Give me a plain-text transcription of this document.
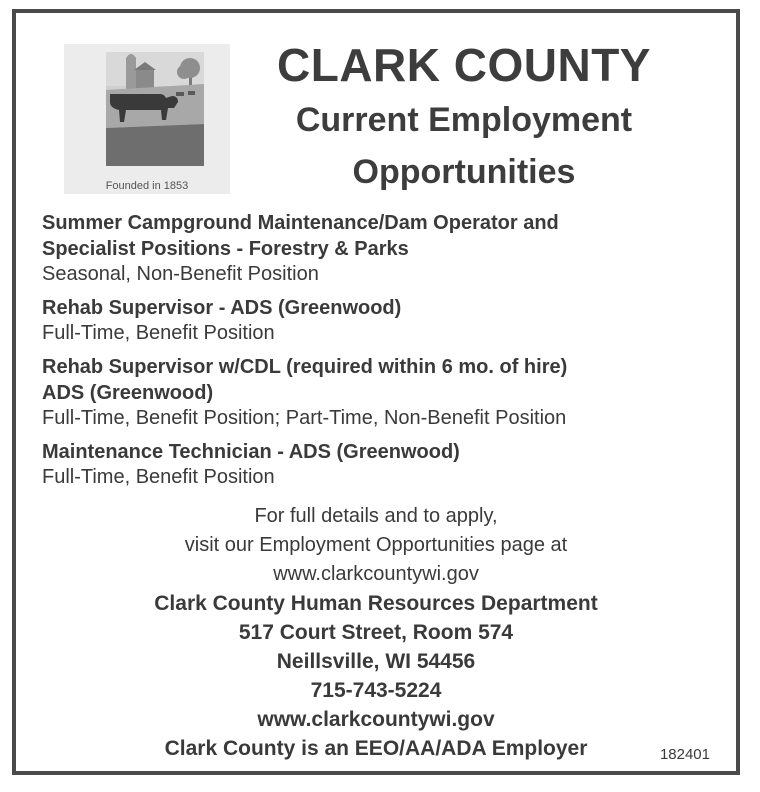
Founded in 1853
CLARK COUNTY
Current Employment
Opportunities
Summer Campground Maintenance/Dam Operator and
Specialist Positions - Forestry & Parks
Seasonal, Non-Benefit Position
Rehab Supervisor - ADS (Greenwood)
Full-Time, Benefit Position
Rehab Supervisor w/CDL (required within 6 mo. of hire)
ADS (Greenwood)
Full-Time, Benefit Position; Part-Time, Non-Benefit Position
Maintenance Technician - ADS (Greenwood)
Full-Time, Benefit Position
For full details and to apply,
visit our Employment Opportunities page at
www.clarkcountywi.gov
Clark County Human Resources Department
517 Court Street, Room 574
Neillsville, WI 54456
715-743-5224
www.clarkcountywi.gov
Clark County is an EEO/AA/ADA Employer	182401
